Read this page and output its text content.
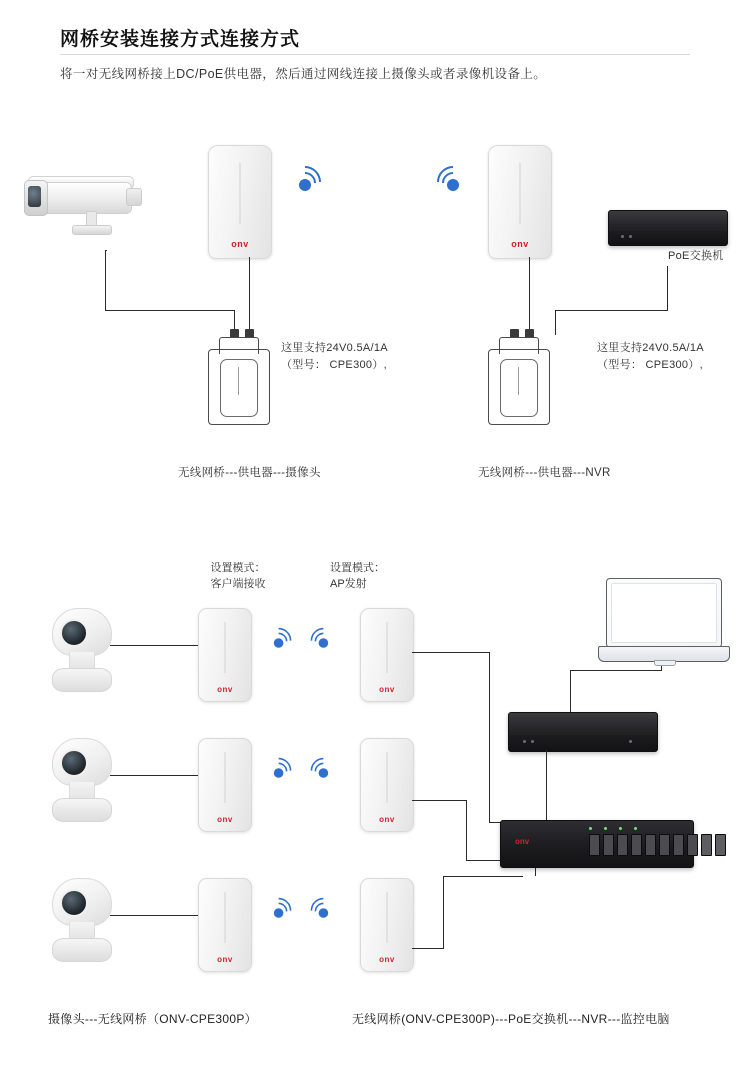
网桥安装连接方式连接方式
将一对无线网桥接上DC/PoE供电器，然后通过网线连接上摄像头或者录像机设备上。
onv
这里支持24V0.5A/1A
（型号： CPE300）,
无线网桥---供电器---摄像头
onv
PoE交换机
这里支持24V0.5A/1A
（型号： CPE300）,
无线网桥---供电器---NVR
设置模式：
客户端接收
设置模式：
AP发射
onv	onv
onv	onv
onv	onv
onv
摄像头---无线网桥（ONV-CPE300P）	无线网桥(ONV-CPE300P)---PoE交换机---NVR---监控电脑
